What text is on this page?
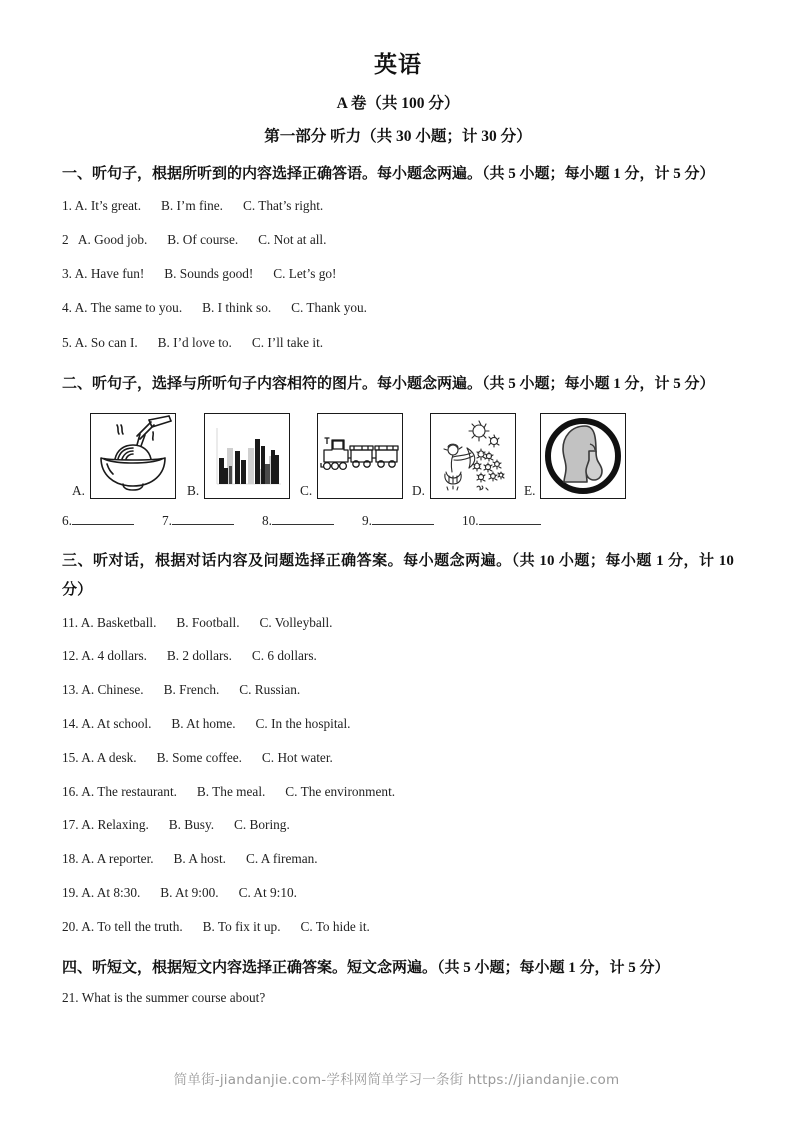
英语
A 卷（共 100 分）
第一部分 听力（共 30 小题；计 30 分）
一、听句子，根据所听到的内容选择正确答语。每小题念两遍。（共 5 小题；每小题 1 分，计 5 分）
1. A. It’s great.      B. I’m fine.      C. That’s right.
2   A. Good job.      B. Of course.      C. Not at all.
3. A. Have fun!      B. Sounds good!      C. Let’s go!
4. A. The same to you.      B. I think so.      C. Thank you.
5. A. So can I.      B. I’d love to.      C. I’ll take it.
二、听句子，选择与所听句子内容相符的图片。每小题念两遍。（共 5 小题；每小题 1 分，计 5 分）
A.	B.	C.	D.	E.
6.	7.	8.	9.	10.
三、听对话，根据对话内容及问题选择正确答案。每小题念两遍。（共 10 小题；每小题 1 分，计 10 分）
11. A. Basketball.      B. Football.      C. Volleyball.
12. A. 4 dollars.      B. 2 dollars.      C. 6 dollars.
13. A. Chinese.      B. French.      C. Russian.
14. A. At school.      B. At home.      C. In the hospital.
15. A. A desk.      B. Some coffee.      C. Hot water.
16. A. The restaurant.      B. The meal.      C. The environment.
17. A. Relaxing.      B. Busy.      C. Boring.
18. A. A reporter.      B. A host.      C. A fireman.
19. A. At 8:30.      B. At 9:00.      C. At 9:10.
20. A. To tell the truth.      B. To fix it up.      C. To hide it.
四、听短文，根据短文内容选择正确答案。短文念两遍。（共 5 小题；每小题 1 分，计 5 分）
21. What is the summer course about?
简单街-jiandanjie.com-学科网简单学习一条街 https://jiandanjie.com
